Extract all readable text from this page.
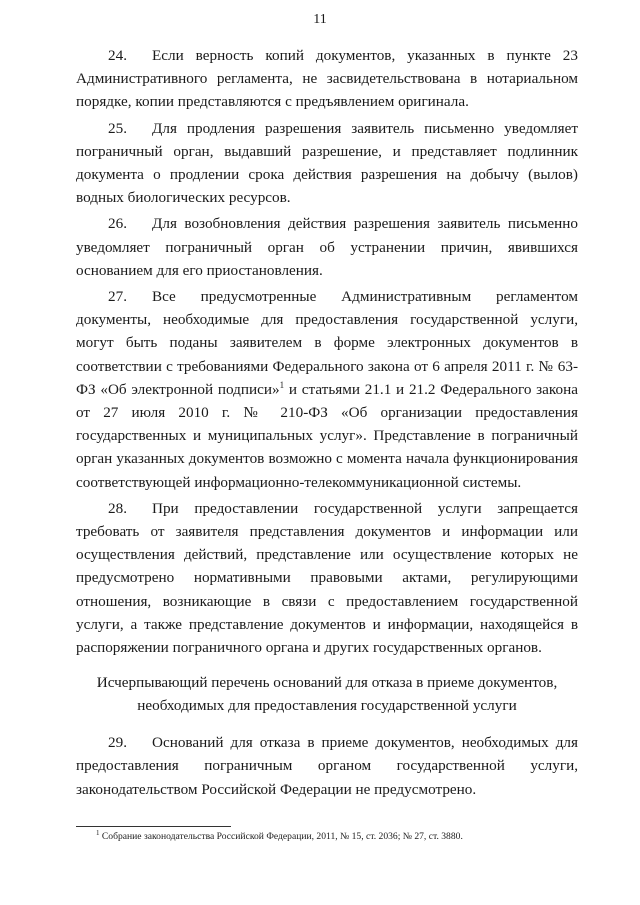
11

24. Если верность копий документов, указанных в пункте 23 Административного регламента, не засвидетельствована в нотариальном порядке, копии представляются с предъявлением оригинала.

25. Для продления разрешения заявитель письменно уведомляет пограничный орган, выдавший разрешение, и представляет подлинник документа о продлении срока действия разрешения на добычу (вылов) водных биологических ресурсов.

26. Для возобновления действия разрешения заявитель письменно уведомляет пограничный орган об устранении причин, явившихся основанием для его приостановления.

27. Все предусмотренные Административным регламентом документы, необходимые для предоставления государственной услуги, могут быть поданы заявителем в форме электронных документов в соответствии с требованиями Федерального закона от 6 апреля 2011 г. № 63-ФЗ «Об электронной подписи»$^1$ и статьями 21.1 и 21.2 Федерального закона от 27 июля 2010 г. № 210-ФЗ «Об организации предоставления государственных и муниципальных услуг». Представление в пограничный орган указанных документов возможно с момента начала функционирования соответствующей информационно-телекоммуникационной системы.

28. При предоставлении государственной услуги запрещается требовать от заявителя представления документов и информации или осуществления действий, представление или осуществление которых не предусмотрено нормативными правовыми актами, регулирующими отношения, возникающие в связи с предоставлением государственной услуги, а также представление документов и информации, находящейся в распоряжении пограничного органа и других государственных органов.

Исчерпывающий перечень оснований для отказа в приеме документов,
необходимых для предоставления государственной услуги

29. Оснований для отказа в приеме документов, необходимых для предоставления пограничным органом государственной услуги, законодательством Российской Федерации не предусмотрено.

$^1$ Собрание законодательства Российской Федерации, 2011, № 15, ст. 2036; № 27, ст. 3880.
